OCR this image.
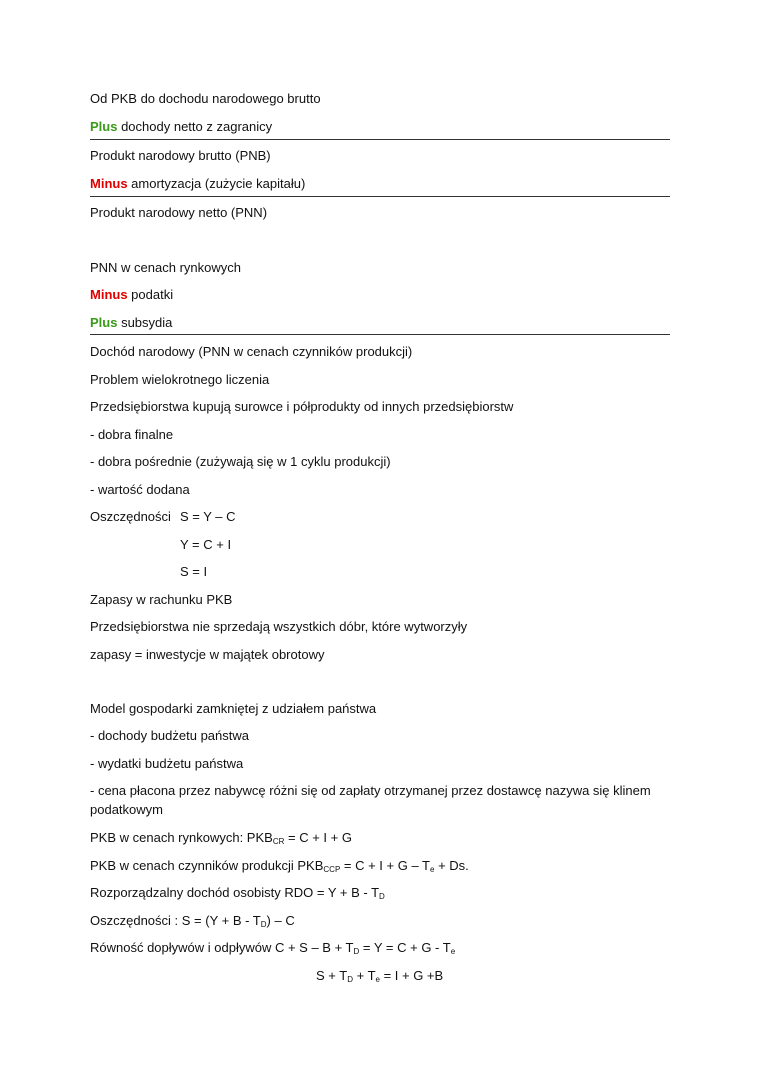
Od PKB do dochodu narodowego brutto
Plus dochody netto z zagranicy
Produkt narodowy brutto (PNB)
Minus amortyzacja (zużycie kapitału)
Produkt narodowy netto (PNN)
PNN w cenach rynkowych
Minus podatki
Plus subsydia
Dochód narodowy (PNN w cenach czynników produkcji)
Problem wielokrotnego liczenia
Przedsiębiorstwa kupują surowce i półprodukty od innych przedsiębiorstw
- dobra finalne
- dobra pośrednie (zużywają się w 1 cyklu produkcji)
- wartość dodana
Oszczędności S = Y – C
Y = C + I
S = I
Zapasy w rachunku PKB
Przedsiębiorstwa nie sprzedają wszystkich dóbr, które wytworzyły
zapasy = inwestycje w majątek obrotowy
Model gospodarki zamkniętej z udziałem państwa
- dochody budżetu państwa
- wydatki budżetu państwa
- cena płacona przez nabywcę różni się od zapłaty otrzymanej przez dostawcę nazywa się klinem podatkowym
PKB w cenach rynkowych: $PKB_{CR} = C + I + G$
PKB w cenach czynników produkcji $PKB_{CCP} = C + I + G - T_e + Ds$.
Rozporządzalny dochód osobisty RDO = $Y + B - T_D$
Oszczędności : $S = (Y + B - T_D) - C$
Równość dopływów i odpływów $C + S - B + T_D = Y = C + G - T_e$
$S + T_D + T_e = I + G +B$
